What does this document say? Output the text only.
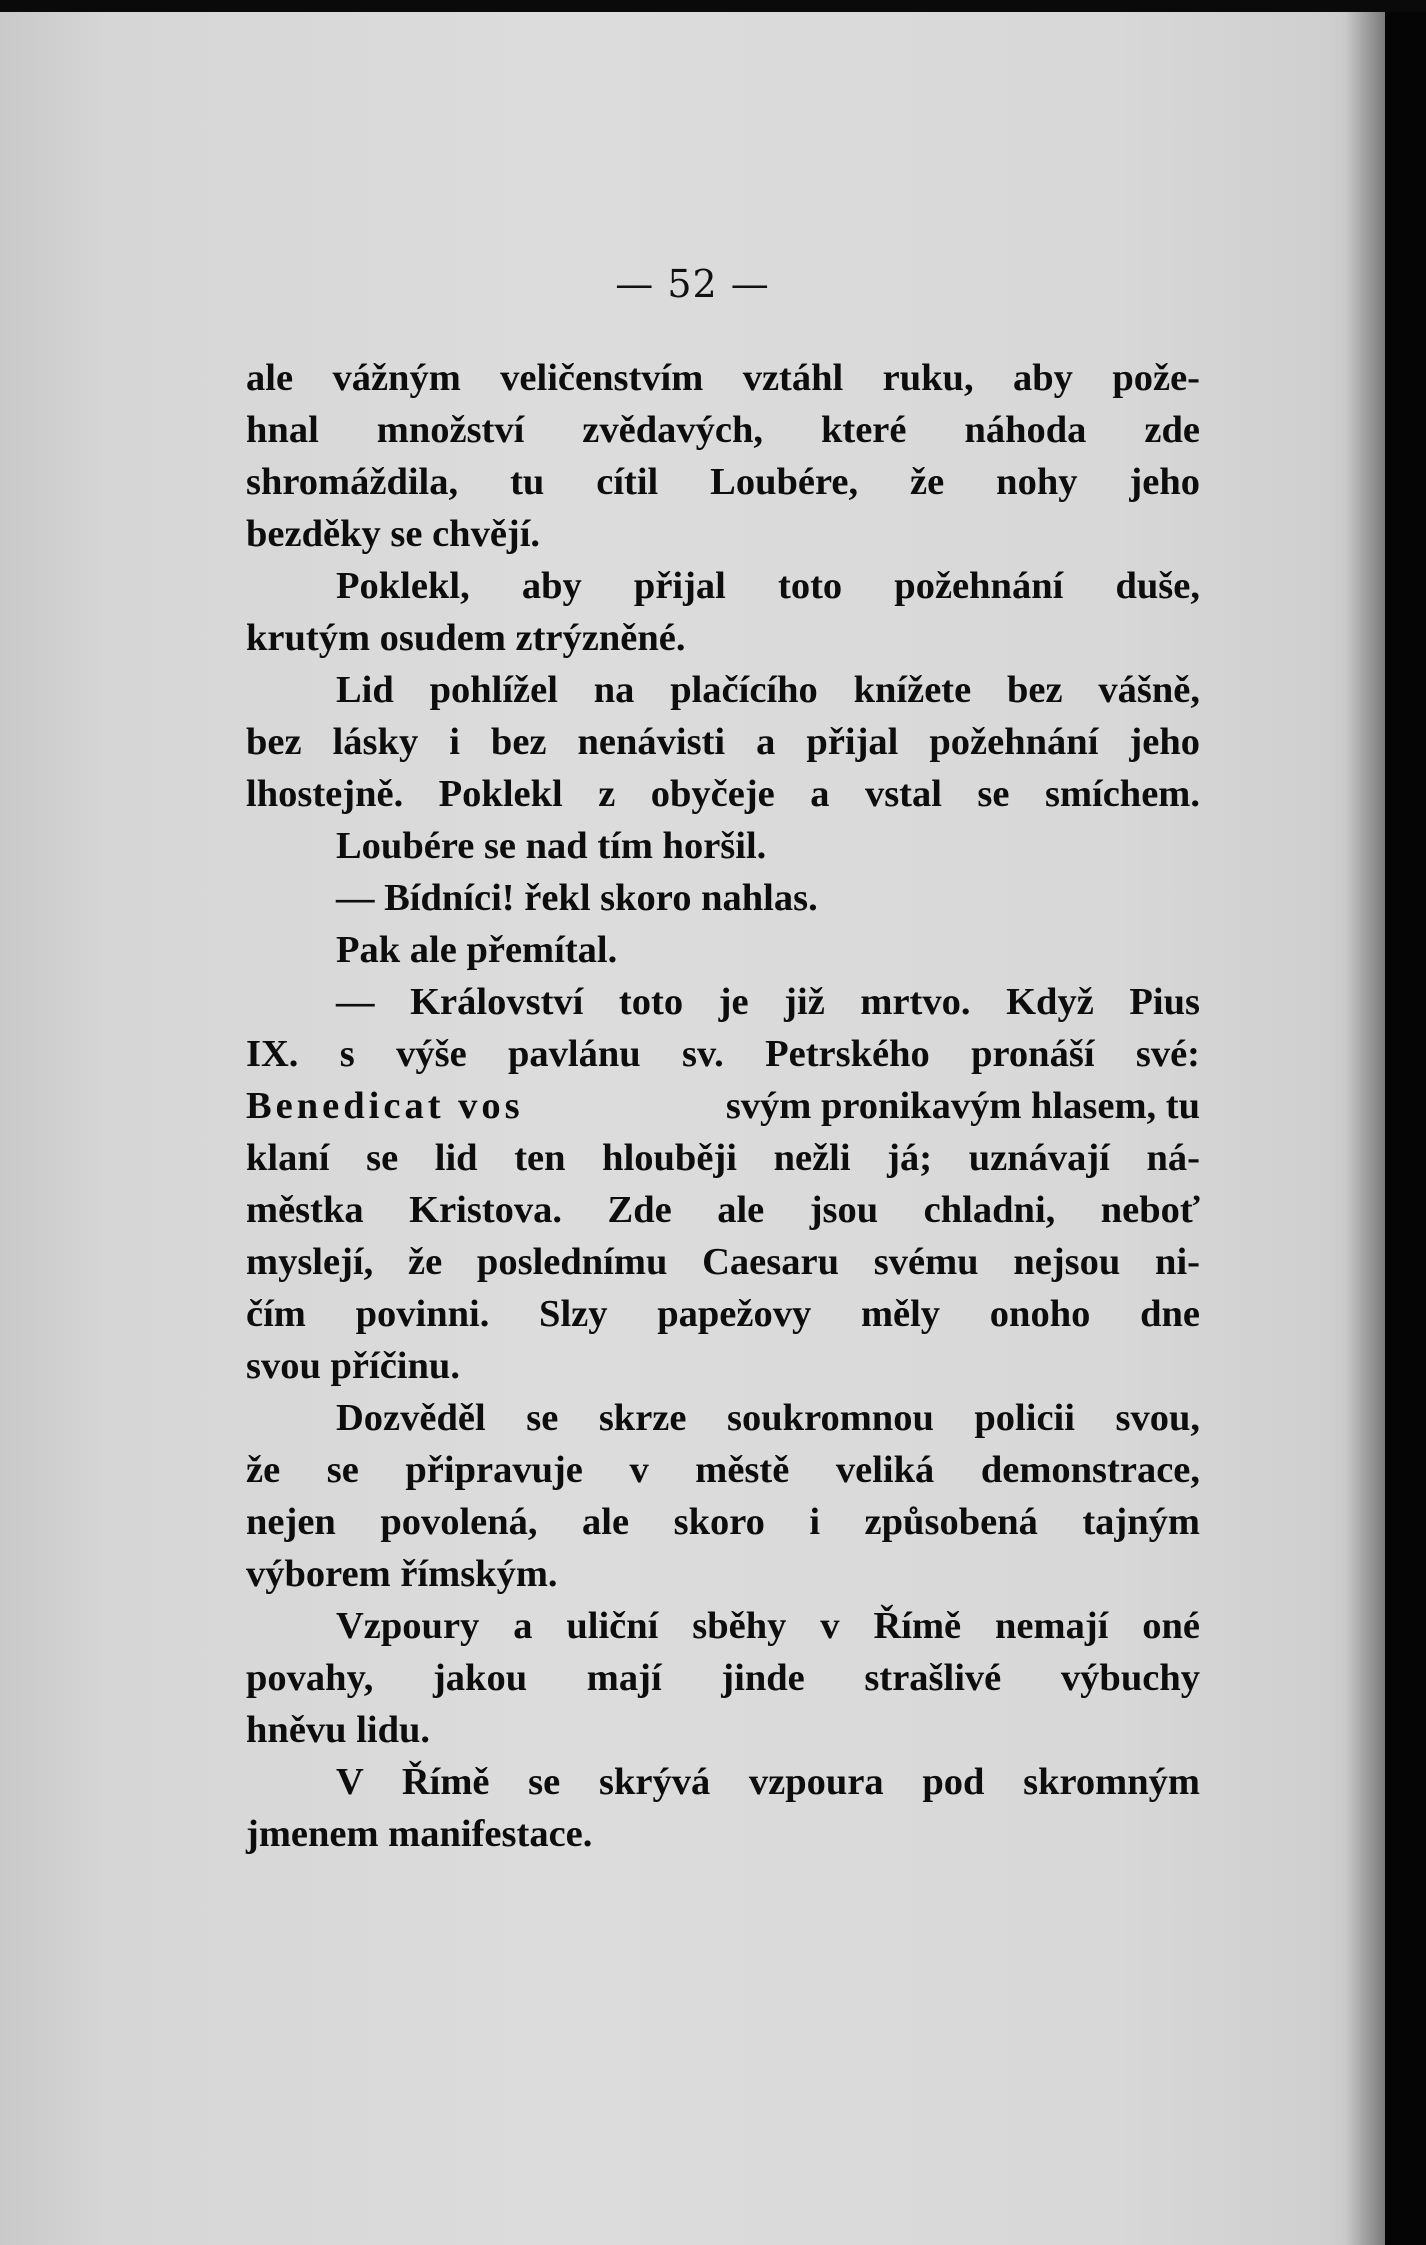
— 52 —
ale vážným veličenstvím vztáhl ruku, aby pože-
hnal množství zvědavých, které náhoda zde
shromáždila, tu cítil Loubére, že nohy jeho
bezděky se chvějí.
Poklekl, aby přijal toto požehnání duše,
krutým osudem ztrýzněné.
Lid pohlížel na plačícího knížete bez vášně,
bez lásky i bez nenávisti a přijal požehnání jeho
lhostejně. Poklekl z obyčeje a vstal se smíchem.
Loubére se nad tím horšil.
— Bídníci! řekl skoro nahlas.
Pak ale přemítal.
— Království toto je již mrtvo. Když Pius
IX. s výše pavlánu sv. Petrského pronáší své:
Benedicat vos	svým pronikavým hlasem, tu
klaní se lid ten hlouběji nežli já; uznávají ná-
městka Kristova. Zde ale jsou chladni, neboť
myslejí, že poslednímu Caesaru svému nejsou ni-
čím povinni. Slzy papežovy měly onoho dne
svou příčinu.
Dozvěděl se skrze soukromnou policii svou,
že se připravuje v městě veliká demonstrace,
nejen povolená, ale skoro i způsobená tajným
výborem římským.
Vzpoury a uliční sběhy v Římě nemají oné
povahy, jakou mají jinde strašlivé výbuchy
hněvu lidu.
V Římě se skrývá vzpoura pod skromným
jmenem manifestace.
